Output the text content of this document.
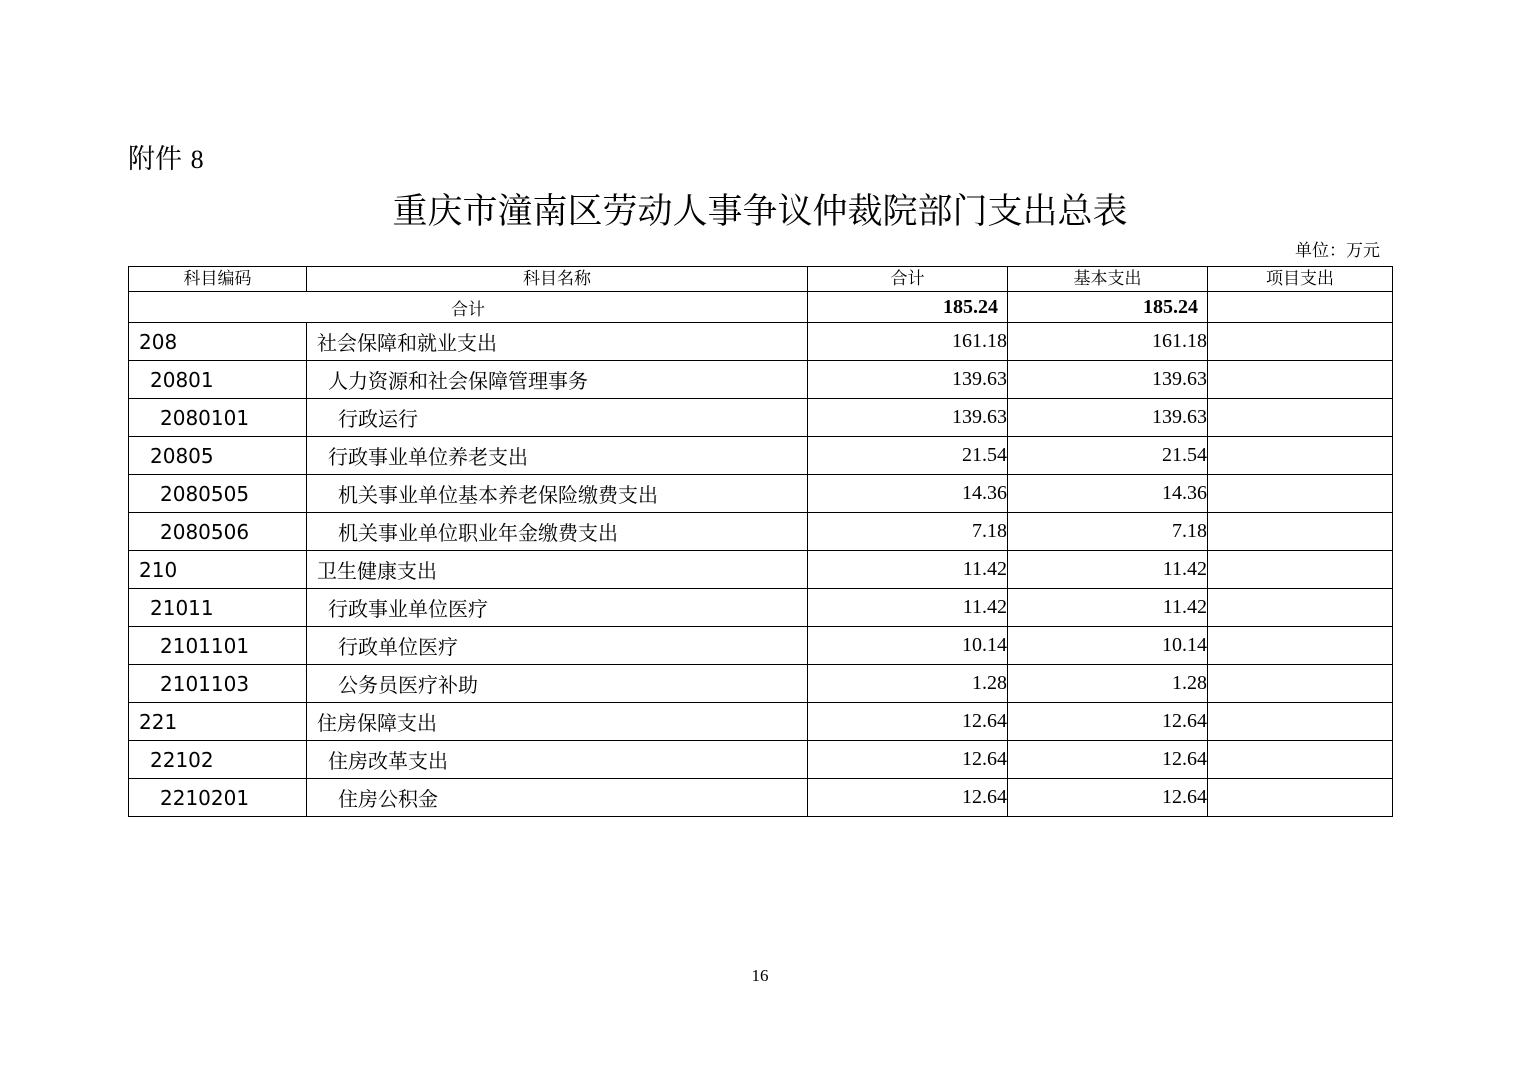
附件 8
重庆市潼南区劳动人事争议仲裁院部门支出总表
单位：万元
科目编码	科目名称	合计	基本支出	项目支出
合计		185.24	185.24	
208	社会保障和就业支出	161.18	161.18	
20801	人力资源和社会保障管理事务	139.63	139.63	
2080101	行政运行	139.63	139.63	
20805	行政事业单位养老支出	21.54	21.54	
2080505	机关事业单位基本养老保险缴费支出	14.36	14.36	
2080506	机关事业单位职业年金缴费支出	7.18	7.18	
210	卫生健康支出	11.42	11.42	
21011	行政事业单位医疗	11.42	11.42	
2101101	行政单位医疗	10.14	10.14	
2101103	公务员医疗补助	1.28	1.28	
221	住房保障支出	12.64	12.64	
22102	住房改革支出	12.64	12.64	
2210201	住房公积金	12.64	12.64	
16
